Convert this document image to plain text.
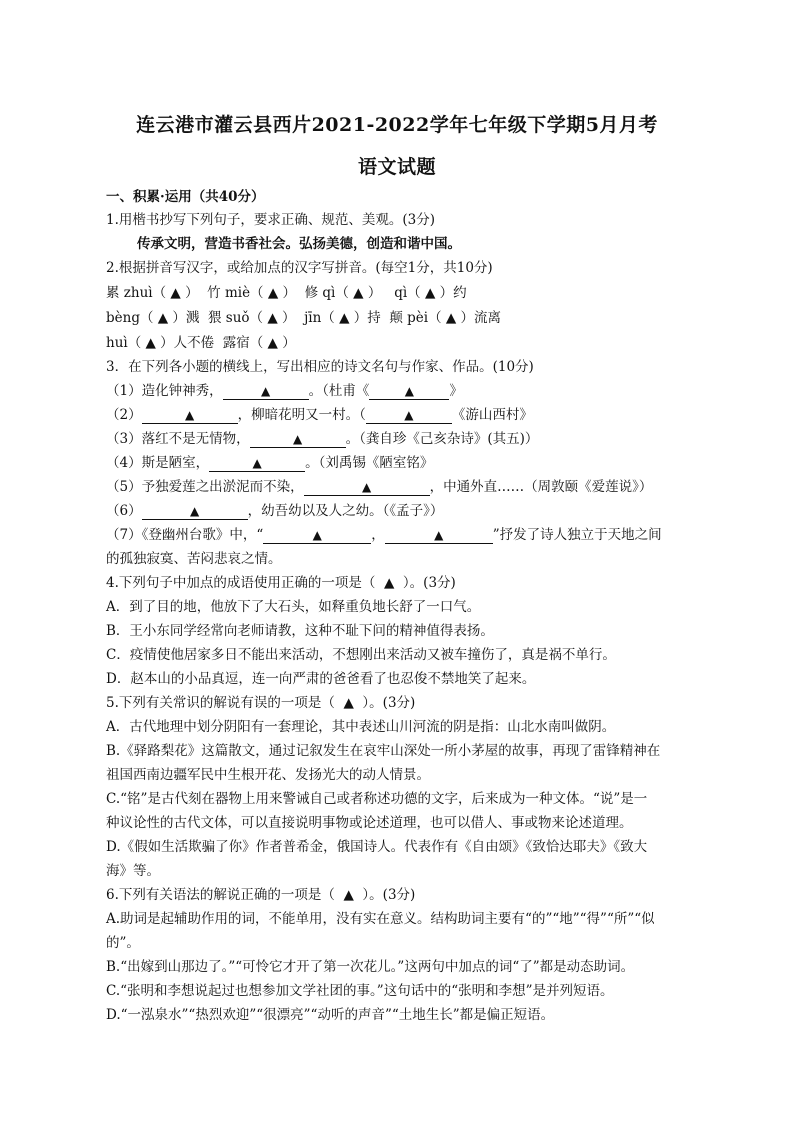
连云港市灌云县西片2021-2022学年七年级下学期5月月考
语文试题
一、积累·运用（共40分）
1.用楷书抄写下列句子，要求正确、规范、美观。(3分)
传承文明，营造书香社会。弘扬美德，创造和谐中国。
2.根据拼音写汉字，或给加点的汉字写拼音。(每空1分，共10分)
累 zhuì（ ▲ ）  竹 miè（ ▲ ）  修 qì（ ▲ ）   qì（ ▲ ）约
bèng（ ▲ ）溅  猥 suǒ（ ▲ ）  jīn（ ▲ ）持  颠 pèi（ ▲ ）流离
huì（ ▲ ）人不倦  露宿（ ▲ ）
3．在下列各小题的横线上，写出相应的诗文名句与作家、作品。(10分)
（1）造化钟神秀，	▲	。（杜甫《	▲	》
（2）	▲	，柳暗花明又一村。（	▲	《游山西村》
（3）落红不是无情物，	▲	。（龚自珍《己亥杂诗》(其五)）
（4）斯是陋室，	▲	。（刘禹锡《陋室铭》
（5）予独爱莲之出淤泥而不染，	▲	，中通外直……（周敦颐《爱莲说》）
（6）	▲	，幼吾幼以及人之幼。（《孟子》）
（7）《登幽州台歌》中，“	▲	，	▲	”抒发了诗人独立于天地之间
的孤独寂寞、苦闷悲哀之情。
4.下列句子中加点的成语使用正确的一项是（  ▲  ）。(3分)
A．到了目的地，他放下了大石头，如释重负地长舒了一口气。
B．王小东同学经常向老师请教，这种不耻下问的精神值得表扬。
C．疫情使他居家多日不能出来活动，不想刚出来活动又被车撞伤了，真是祸不单行。
D．赵本山的小品真逗，连一向严肃的爸爸看了也忍俊不禁地笑了起来。
5.下列有关常识的解说有误的一项是（  ▲  ）。(3分)
A．古代地理中划分阴阳有一套理论，其中表述山川河流的阴是指：山北水南叫做阴。
B.《驿路梨花》这篇散文，通过记叙发生在哀牢山深处一所小茅屋的故事，再现了雷锋精神在
祖国西南边疆军民中生根开花、发扬光大的动人情景。
C.“铭”是古代刻在器物上用来警诫自己或者称述功德的文字，后来成为一种文体。“说”是一
种议论性的古代文体，可以直接说明事物或论述道理，也可以借人、事或物来论述道理。
D.《假如生活欺骗了你》作者普希金，俄国诗人。代表作有《自由颂》《致恰达耶夫》《致大
海》等。
6.下列有关语法的解说正确的一项是（  ▲  ）。(3分)
A.助词是起辅助作用的词，不能单用，没有实在意义。结构助词主要有“的”“地”“得”“所”“似
的”。
B.“出嫁到山那边了。”“可怜它才开了第一次花儿。”这两句中加点的词“了”都是动态助词。
C.“张明和李想说起过也想参加文学社团的事。”这句话中的“张明和李想”是并列短语。
D.“一泓泉水”“热烈欢迎”“很漂亮”“动听的声音”“土地生长”都是偏正短语。
